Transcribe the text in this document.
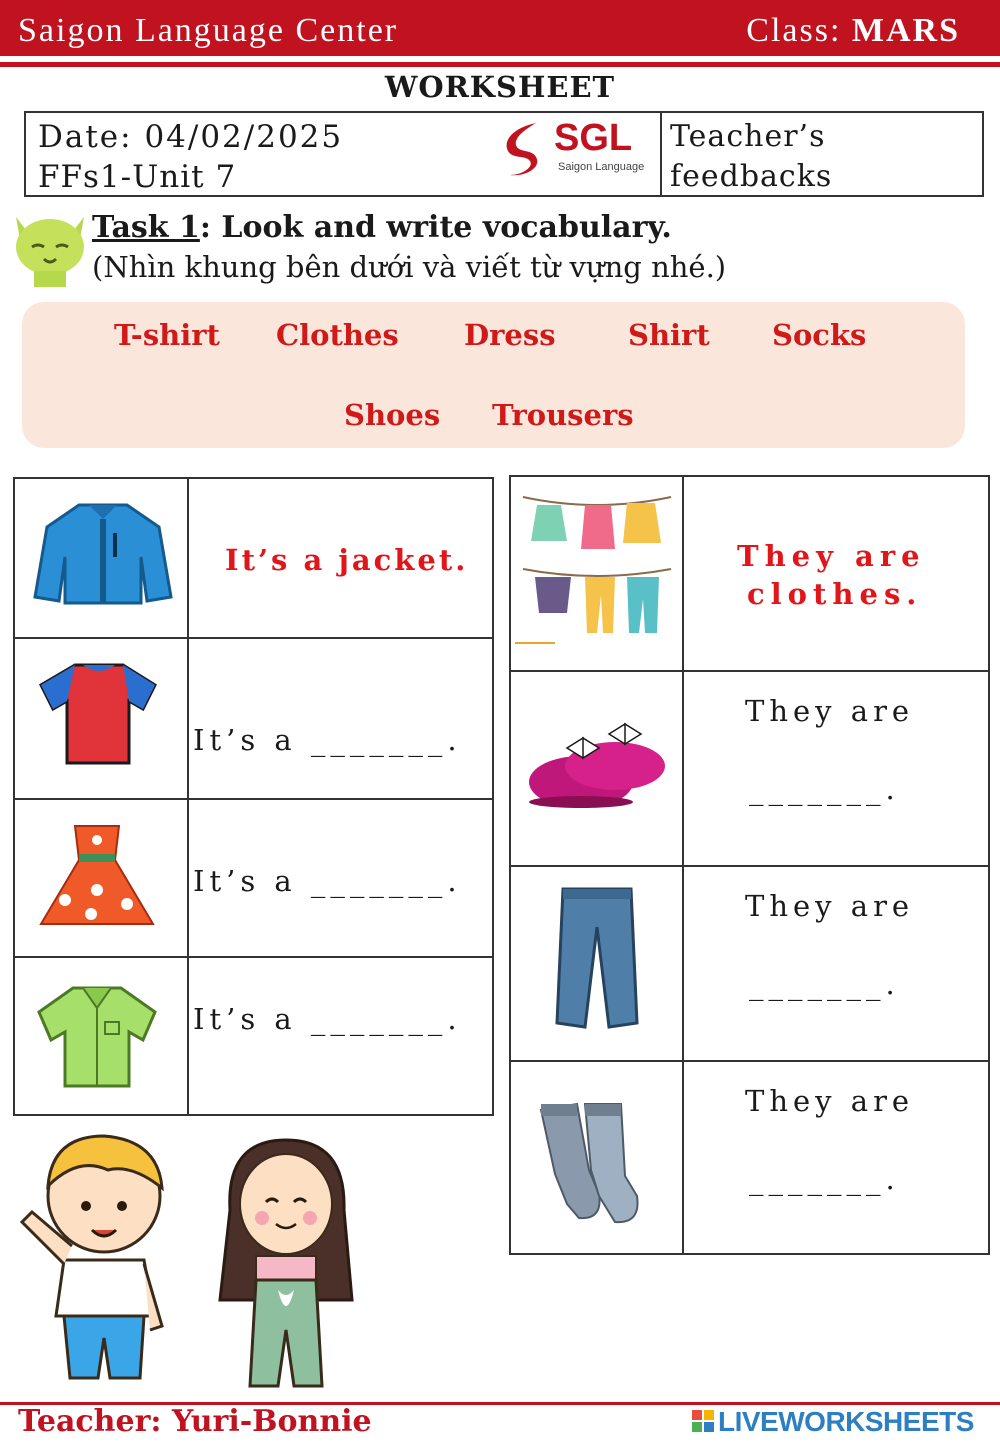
Saigon Language Center	Class: MARS
WORKSHEET
Date: 04/02/2025
FFs1-Unit 7
SGL
Saigon Language
Teacher’s feedbacks
Task 1: Look and write vocabulary.
(Nhìn khung bên dưới và viết từ vựng nhé.)
T-shirt Clothes Dress Shirt Socks
Shoes Trousers
It’s a jacket.
It’s a _______.
It’s a _______.
It’s a _______.
They are
clothes.
They are
_______.
They are
_______.
They are
_______.
Teacher: Yuri-Bonnie	LIVEWORKSHEETS
